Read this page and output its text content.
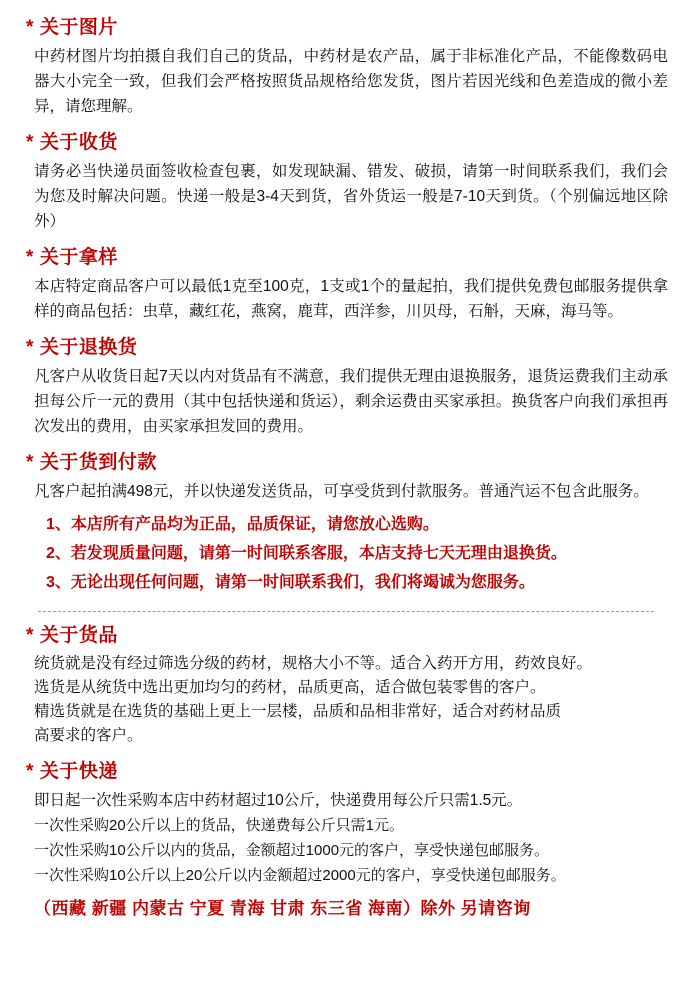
* 关于图片
中药材图片均拍摄自我们自己的货品，中药材是农产品，属于非标准化产品，不能像数码电器大小完全一致，但我们会严格按照货品规格给您发货，图片若因光线和色差造成的微小差异，请您理解。
* 关于收货
请务必当快递员面签收检查包裹，如发现缺漏、错发、破损，请第一时间联系我们，我们会为您及时解决问题。快递一般是3-4天到货，省外货运一般是7-10天到货。（个别偏远地区除外）
* 关于拿样
本店特定商品客户可以最低1克至100克，1支或1个的量起拍，我们提供免费包邮服务提供拿样的商品包括：虫草，藏红花，燕窝，鹿茸，西洋参，川贝母，石斛，天麻，海马等。
* 关于退换货
凡客户从收货日起7天以内对货品有不满意，我们提供无理由退换服务，退货运费我们主动承担每公斤一元的费用（其中包括快递和货运），剩余运费由买家承担。换货客户向我们承担再次发出的费用，由买家承担发回的费用。
* 关于货到付款
凡客户起拍满498元，并以快递发送货品，可享受货到付款服务。普通汽运不包含此服务。
1、本店所有产品均为正品，品质保证，请您放心选购。
2、若发现质量问题，请第一时间联系客服，本店支持七天无理由退换货。
3、无论出现任何问题，请第一时间联系我们，我们将竭诚为您服务。
* 关于货品
统货就是没有经过筛选分级的药材，规格大小不等。适合入药开方用，药效良好。
选货是从统货中选出更加均匀的药材，品质更高，适合做包装零售的客户。
精选货就是在选货的基础上更上一层楼，品质和品相非常好，适合对药材品质
高要求的客户。
* 关于快递
即日起一次性采购本店中药材超过10公斤，快递费用每公斤只需1.5元。
一次性采购20公斤以上的货品，快递费每公斤只需1元。
一次性采购10公斤以内的货品，金额超过1000元的客户，享受快递包邮服务。
一次性采购10公斤以上20公斤以内金额超过2000元的客户，享受快递包邮服务。
（西藏 新疆 内蒙古 宁夏 青海 甘肃 东三省 海南）除外 另请咨询
